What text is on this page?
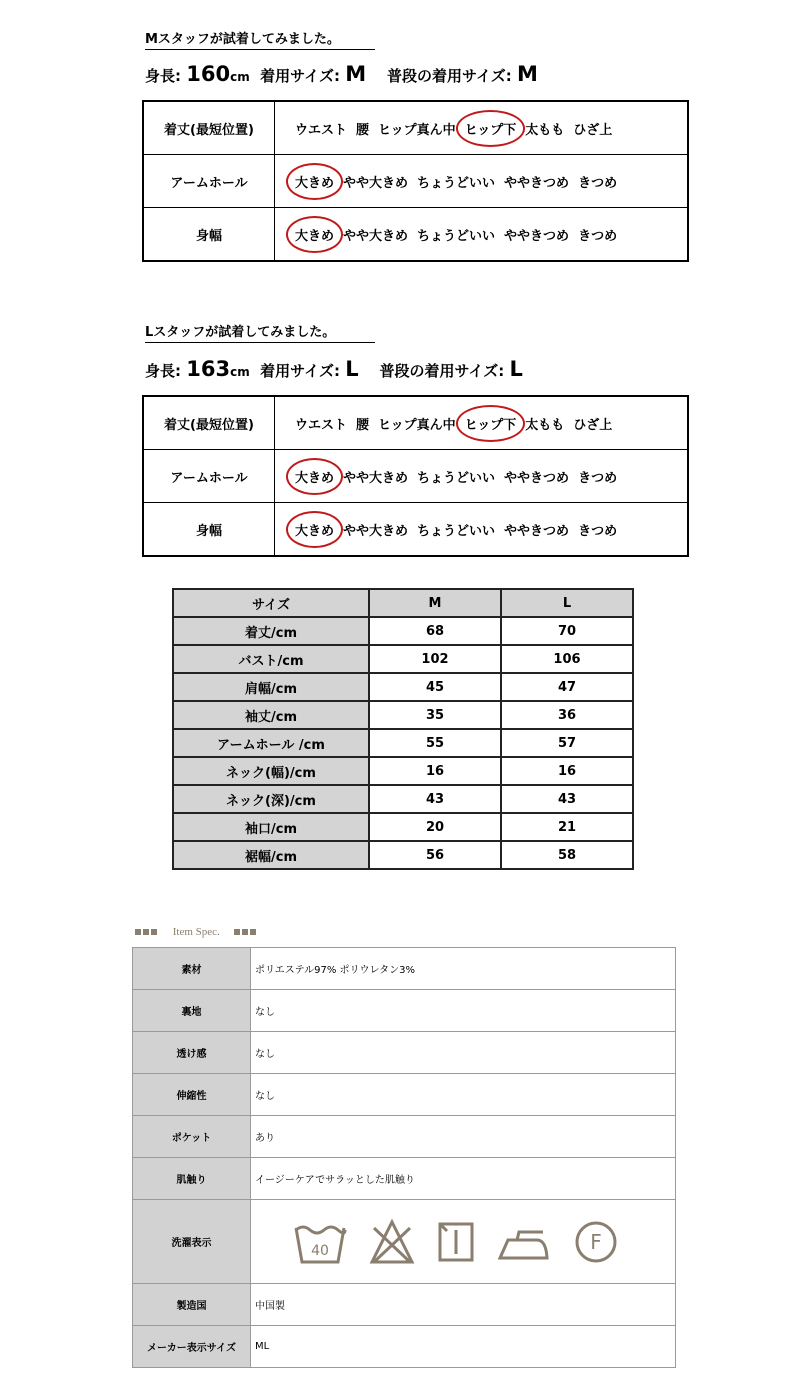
Mスタッフが試着してみました。
身長: 160cm 着用サイズ: M 普段の着用サイズ: M
着丈(最短位置)	ウエスト 腰 ヒップ真ん中 ヒップ下 太もも ひざ上
アームホール	大きめ やや大きめ ちょうどいい ややきつめ きつめ
身幅	大きめ やや大きめ ちょうどいい ややきつめ きつめ
Lスタッフが試着してみました。
身長: 163cm 着用サイズ: L 普段の着用サイズ: L
着丈(最短位置)	ウエスト 腰 ヒップ真ん中 ヒップ下 太もも ひざ上
アームホール	大きめ やや大きめ ちょうどいい ややきつめ きつめ
身幅	大きめ やや大きめ ちょうどいい ややきつめ きつめ
サイズ	M	L
着丈/cm	68	70
バスト/cm	102	106
肩幅/cm	45	47
袖丈/cm	35	36
アームホール /cm	55	57
ネック(幅)/cm	16	16
ネック(深)/cm	43	43
袖口/cm	20	21
裾幅/cm	56	58
Item Spec.
素材	ポリエステル97% ポリウレタン3%
裏地	なし
透け感	なし
伸縮性	なし
ポケット	あり
肌触り	イージーケアでサラッとした肌触り
洗濯表示	40 F

製造国	中国製
メーカー表示サイズ	ML
